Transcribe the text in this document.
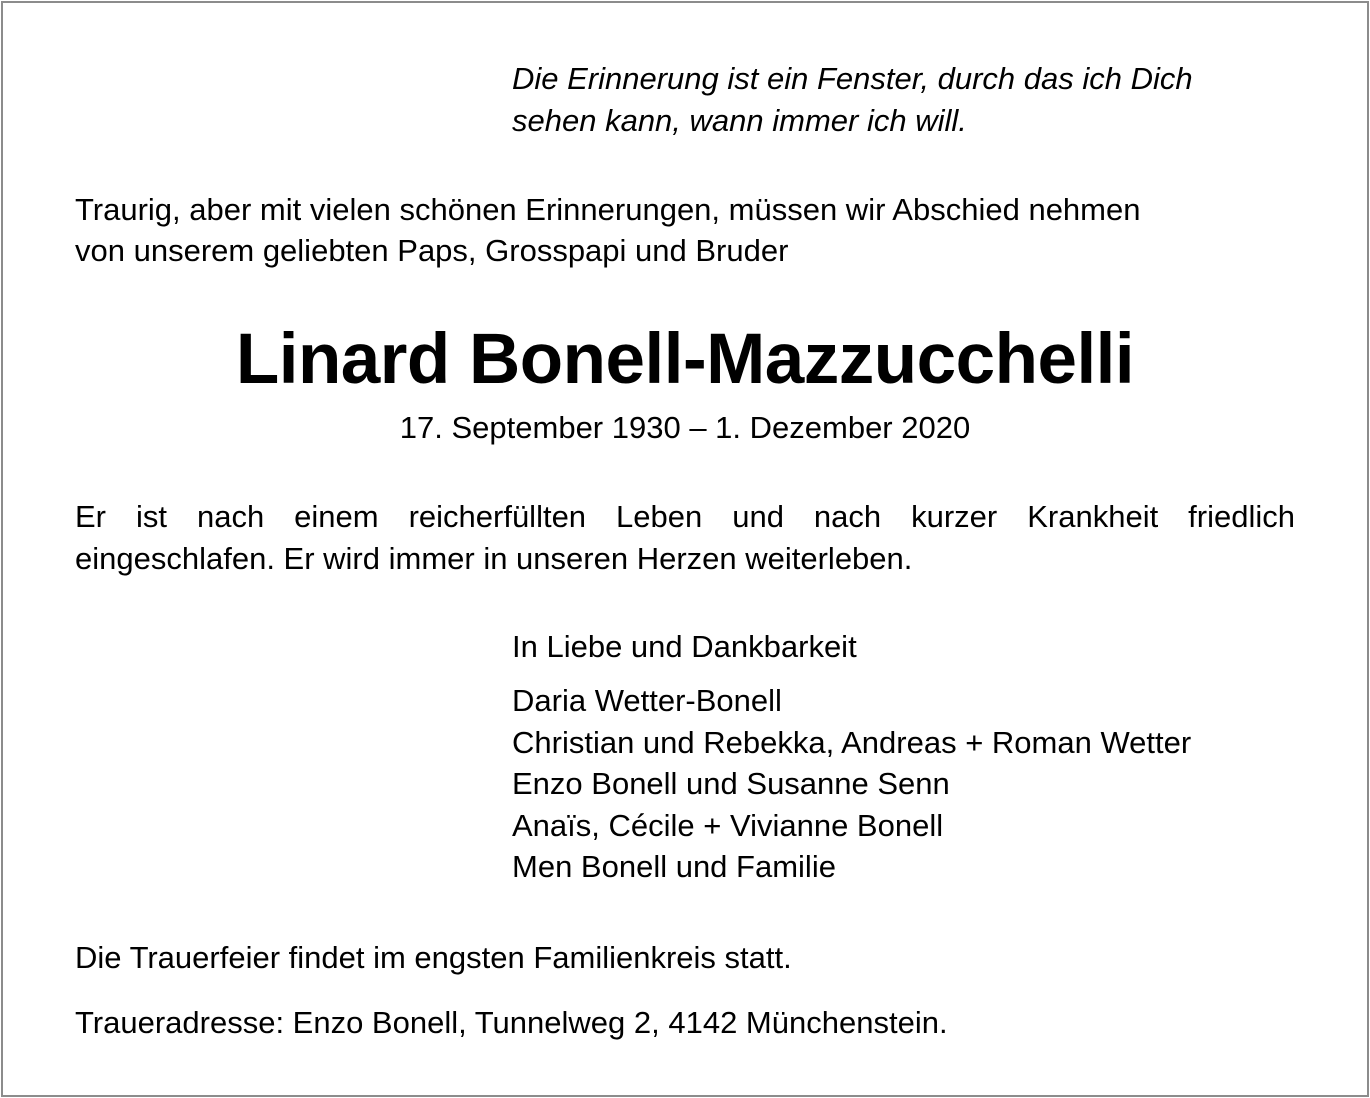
Die Erinnerung ist ein Fenster, durch das ich Dich
sehen kann, wann immer ich will.
Traurig, aber mit vielen schönen Erinnerungen, müssen wir Abschied nehmen
von unserem geliebten Paps, Grosspapi und Bruder
Linard Bonell-Mazzucchelli
17. September 1930 – 1. Dezember 2020
Er ist nach einem reicherfüllten Leben und nach kurzer Krankheit friedlich
eingeschlafen. Er wird immer in unseren Herzen weiterleben.
In Liebe und Dankbarkeit
Daria Wetter-Bonell
Christian und Rebekka, Andreas + Roman Wetter
Enzo Bonell und Susanne Senn
Anaïs, Cécile + Vivianne Bonell
Men Bonell und Familie
Die Trauerfeier findet im engsten Familienkreis statt.
Traueradresse: Enzo Bonell, Tunnelweg 2, 4142 Münchenstein.
